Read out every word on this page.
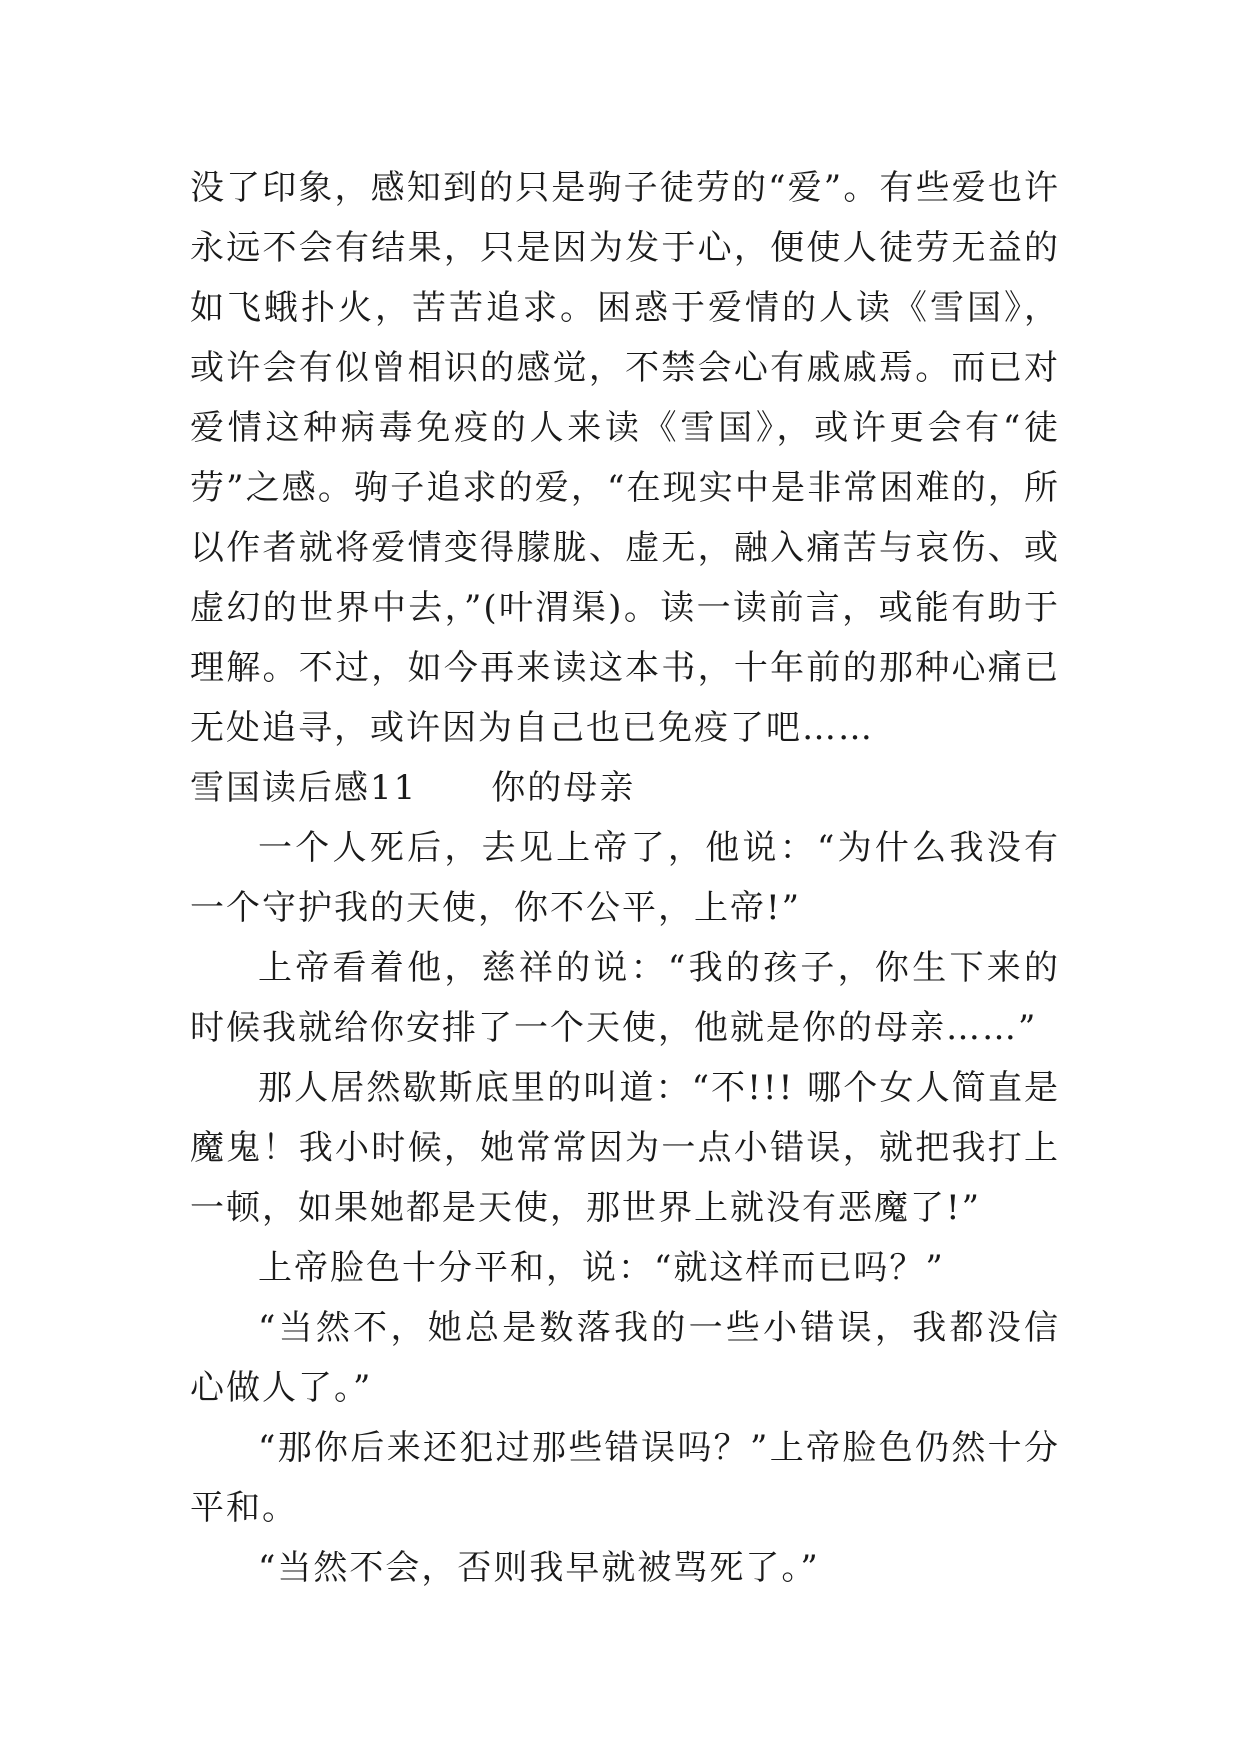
没了印象，感知到的只是驹子徒劳的“爱”。有些爱也许永远不会有结果，只是因为发于心，便使人徒劳无益的如飞蛾扑火，苦苦追求。困惑于爱情的人读《雪国》，或许会有似曾相识的感觉，不禁会心有戚戚焉。而已对爱情这种病毒免疫的人来读《雪国》，或许更会有“徒劳”之感。驹子追求的爱，“在现实中是非常困难的，所以作者就将爱情变得朦胧、虚无，融入痛苦与哀伤、或虚幻的世界中去，”(叶渭渠)。读一读前言，或能有助于理解。不过，如今再来读这本书，十年前的那种心痛已无处追寻，或许因为自己也已免疫了吧……

雪国读后感11 你的母亲

一个人死后，去见上帝了，他说：“为什么我没有一个守护我的天使，你不公平，上帝!”

上帝看着他，慈祥的说：“我的孩子，你生下来的时候我就给你安排了一个天使，他就是你的母亲……”

那人居然歇斯底里的叫道：“不!!! 哪个女人简直是魔鬼！我小时候，她常常因为一点小错误，就把我打上一顿，如果她都是天使，那世界上就没有恶魔了!”

上帝脸色十分平和，说：“就这样而已吗？”

“当然不，她总是数落我的一些小错误，我都没信心做人了。”

“那你后来还犯过那些错误吗？”上帝脸色仍然十分平和。

“当然不会，否则我早就被骂死了。”
